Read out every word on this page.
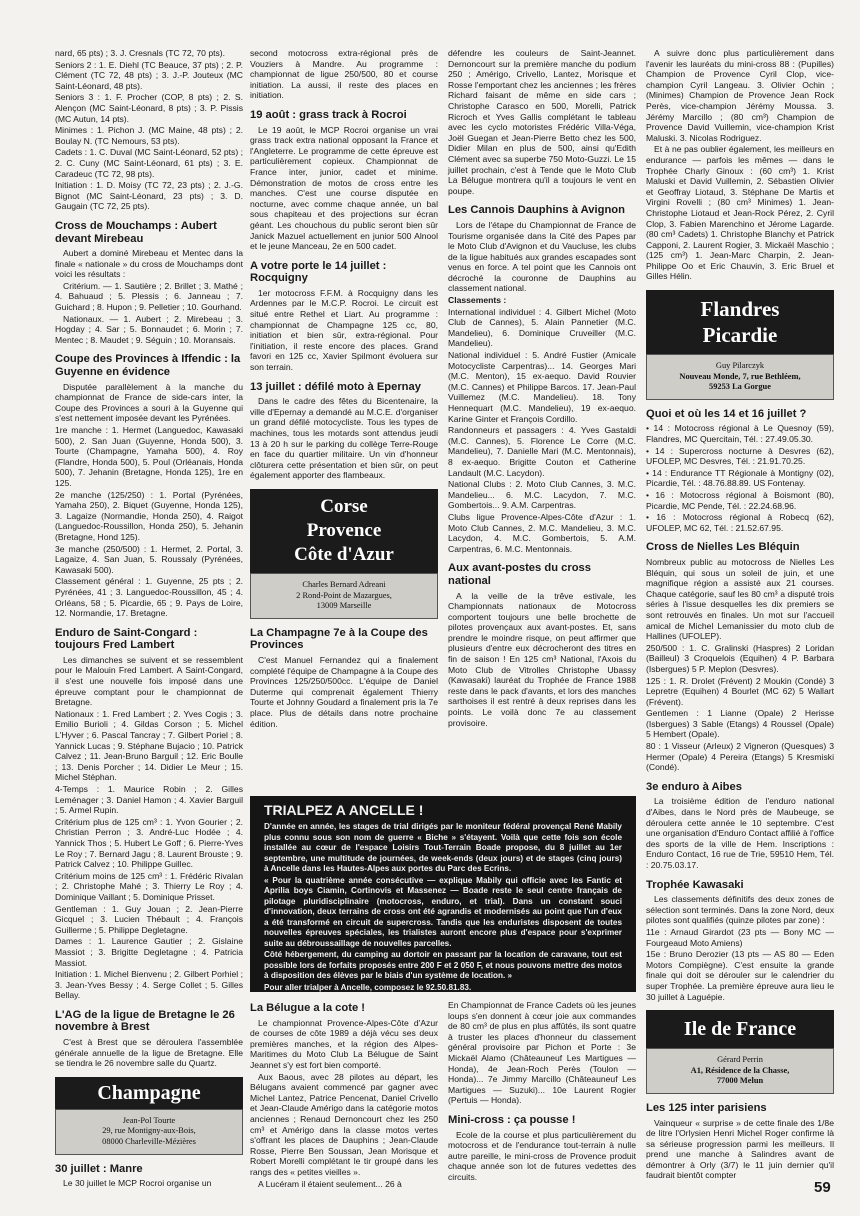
nard, 65 pts) ; 3. J. Cresnals (TC 72, 70 pts).

Seniors 2 : 1. E. Diehl (TC Beauce, 37 pts) ; 2. P. Clément (TC 72, 48 pts) ; 3. J.-P. Jouteux (MC Saint-Léonard, 48 pts).

Seniors 3 : 1. F. Procher (COP, 8 pts) ; 2. S. Alençon (MC Saint-Léonard, 8 pts) ; 3. P. Pissis (MC Autun, 14 pts).

Minimes : 1. Pichon J. (MC Maine, 48 pts) ; 2. Boulay N. (TC Nemours, 53 pts).

Cadets : 1. C. Duval (MC Saint-Léonard, 52 pts) ; 2. C. Cuny (MC Saint-Léonard, 61 pts) ; 3. E. Caradeuc (TC 72, 98 pts).

Initiation : 1. D. Moisy (TC 72, 23 pts) ; 2. J.-G. Bignot (MC Saint-Léonard, 23 pts) ; 3. D. Gaugain (TC 72, 25 pts).

Cross de Mouchamps : Aubert devant Mirebeau

Aubert a dominé Mirebeau et Mentec dans la finale « nationale » du cross de Mouchamps dont voici les résultats :

Critérium. — 1. Sautière ; 2. Brillet ; 3. Mathé ; 4. Bahuaud ; 5. Plessis ; 6. Janneau ; 7. Guichard ; 8. Hupon ; 9. Pelletier ; 10. Gourhand.

Nationaux. — 1. Aubert ; 2. Mirebeau ; 3. Hogday ; 4. Sar ; 5. Bonnaudet ; 6. Morin ; 7. Mentec ; 8. Maudet ; 9. Séguin ; 10. Moransais.

Coupe des Provinces à Iffendic : la Guyenne en évidence

Disputée parallèlement à la manche du championnat de France de side-cars inter, la Coupe des Provinces a souri à la Guyenne qui s'est nettement imposée devant les Pyrénées.

1re manche : 1. Hermet (Languedoc, Kawasaki 500), 2. San Juan (Guyenne, Honda 500), 3. Tourte (Champagne, Yamaha 500), 4. Roy (Flandre, Honda 500), 5. Poul (Orléanais, Honda 500), 7. Jehanin (Bretagne, Honda 125), 1re en 125.

2e manche (125/250) : 1. Portal (Pyrénées, Yamaha 250), 2. Biquet (Guyenne, Honda 125), 3. Lagaize (Normandie, Honda 250), 4. Raigot (Languedoc-Roussillon, Honda 250), 5. Jehanin (Bretagne, Hond 125).

3e manche (250/500) : 1. Hermet, 2. Portal, 3. Lagaize, 4. San Juan, 5. Roussaly (Pyrénées, Kawasaki 500).

Classement général : 1. Guyenne, 25 pts ; 2. Pyrénées, 41 ; 3. Languedoc-Roussillon, 45 ; 4. Orléans, 58 ; 5. Picardie, 65 ; 9. Pays de Loire, 12. Normandie, 17. Bretagne.

Enduro de Saint-Congard : toujours Fred Lambert

Les dimanches se suivent et se ressemblent pour le Malouin Fred Lambert. A Saint-Congard, il s'est une nouvelle fois imposé dans une épreuve comptant pour le championnat de Bretagne.

Nationaux : 1. Fred Lambert ; 2. Yves Cogis ; 3. Emilio Burioli ; 4. Gildas Corson ; 5. Michel L'Hyver ; 6. Pascal Tancray ; 7. Gilbert Poriel ; 8. Yannick Lucas ; 9. Stéphane Bujacio ; 10. Patrick Calvez ; 11. Jean-Bruno Barguil ; 12. Eric Boulle ; 13. Denis Porcher ; 14. Didier Le Meur ; 15. Michel Stéphan.

4-Temps : 1. Maurice Robin ; 2. Gilles Leménager ; 3. Daniel Hamon ; 4. Xavier Barguil ; 5. Armel Rupin.

Critérium plus de 125 cm³ : 1. Yvon Gourier ; 2. Christian Perron ; 3. André-Luc Hodée ; 4. Yannick Thos ; 5. Hubert Le Goff ; 6. Pierre-Yves Le Roy ; 7. Bernard Jagu ; 8. Laurent Brouste ; 9. Patrick Calvez ; 10. Philippe Guillec.

Critérium moins de 125 cm³ : 1. Frédéric Rivalan ; 2. Christophe Mahé ; 3. Thierry Le Roy ; 4. Dominique Vaillant ; 5. Dominique Prisset.

Gentleman : 1. Guy Jouan ; 2. Jean-Pierre Gicquel ; 3. Lucien Thébault ; 4. François Guillerme ; 5. Philippe Degletagne.

Dames : 1. Laurence Gautier ; 2. Gislaine Massiot ; 3. Brigitte Degletagne ; 4. Patricia Massiot.

Initiation : 1. Michel Bienvenu ; 2. Gilbert Porhiel ; 3. Jean-Yves Bessy ; 4. Serge Collet ; 5. Gilles Bellay.

L'AG de la ligue de Bretagne le 26 novembre à Brest

C'est à Brest que se déroulera l'assemblée générale annuelle de la ligue de Bretagne. Elle se tiendra le 26 novembre salle du Quartz.

Champagne
Jean-Pol Tourte
29, rue Montigny-aux-Bois,
08000 Charleville-Mézières
30 juillet : Manre

Le 30 juillet le MCP Rocroi organise un

second motocross extra-régional près de Vouziers à Mandre. Au programme : championnat de ligue 250/500, 80 et course initiation. La aussi, il reste des places en initiation.

19 août : grass track à Rocroi

Le 19 août, le MCP Rocroi organise un vrai grass track extra national opposant la France et l'Angleterre. Le programme de cette épreuve est particulièrement copieux. Championnat de France inter, junior, cadet et minime. Démonstration de motos de cross entre les manches. C'est une course disputée en nocturne, avec comme chaque année, un bal sous chapiteau et des projections sur écran géant. Les chouchous du public seront bien sûr Janick Mazuel actuellement en junior 500 Alnool et le jeune Manceau, 2e en 500 cadet.

A votre porte le 14 juillet : Rocquigny

1er motocross F.F.M. à Rocquigny dans les Ardennes par le M.C.P. Rocroi. Le circuit est situé entre Rethel et Liart. Au programme : championnat de Champagne 125 cc, 80, initiation et bien sûr, extra-régional. Pour l'initiation, il reste encore des places. Grand favori en 125 cc, Xavier Spilmont évoluera sur son terrain.

13 juillet : défilé moto à Epernay

Dans le cadre des fêtes du Bicentenaire, la ville d'Epernay a demandé au M.C.E. d'organiser un grand défilé motocycliste. Tous les types de machines, tous les motards sont attendus jeudi 13 à 20 h sur le parking du collège Terre-Rouge en face du quartier militaire. Un vin d'honneur clôturera cette présentation et bien sûr, on peut également apporter des flambeaux.

Corse
Provence
Côte d'Azur
Charles Bernard Adreani
2 Rond-Point de Mazargues,
13009 Marseille
La Champagne 7e à la Coupe des Provinces

C'est Manuel Fernandez qui a finalement complété l'équipe de Champagne à la Coupe des Provinces 125/250/500cc. L'équipe de Daniel Duterme qui comprenait également Thierry Tourte et Johnny Goudard a finalement pris la 7e place. Plus de détails dans notre prochaine édition.

défendre les couleurs de Saint-Jeannet. Dernoncourt sur la première manche du podium 250 ; Amérigo, Crivello, Lantez, Morisque et Rosse l'emportant chez les anciennes ; les frères Richard faisant de même en side cars ; Christophe Carasco en 500, Morelli, Patrick Ricroch et Yves Gallis complétant le tableau avec les cyclo motoristes Frédéric Villa-Véga, Joël Guegan et Jean-Pierre Betto chez les 500, Didier Milan en plus de 500, ainsi qu'Edith Clément avec sa superbe 750 Moto-Guzzi. Le 15 juillet prochain, c'est à Tende que le Moto Club La Bélugue montrera qu'il a toujours le vent en poupe.

Les Cannois Dauphins à Avignon

Lors de l'étape du Championnat de France de Tourisme organisée dans la Cité des Papes par le Moto Club d'Avignon et du Vaucluse, les clubs de la ligue habitués aux grandes escapades sont venus en force. A tel point que les Cannois ont décroché la couronne de Dauphins au classement national.

Classements :

International individuel : 4. Gilbert Michel (Moto Club de Cannes), 5. Alain Pannetier (M.C. Mandelieu), 6. Dominique Cruveiller (M.C. Mandelieu).

National individuel : 5. André Fustier (Amicale Motocycliste Carpentras)... 14. Georges Mari (M.C. Menton), 15 ex-aequo. David Rouvier (M.C. Cannes) et Philippe Barcos. 17. Jean-Paul Vuillemez (M.C. Mandelieu). 18. Tony Hennequart (M.C. Mandelieu), 19 ex-aequo. Karine Ginter et François Cordillo.

Randonneurs et passagers : 4. Yves Gastaldi (M.C. Cannes), 5. Florence Le Corre (M.C. Mandelieu), 7. Danielle Mari (M.C. Mentonnais), 8 ex-aequo. Brigitte Couton et Catherine Landault (M.C. Lacydon).

National Clubs : 2. Moto Club Cannes, 3. M.C. Mandelieu... 6. M.C. Lacydon, 7. M.C. Gombertois... 9. A.M. Carpentras.

Clubs ligue Provence-Alpes-Côte d'Azur : 1. Moto Club Cannes, 2. M.C. Mandelieu, 3. M.C. Lacydon, 4. M.C. Gombertois, 5. A.M. Carpentras, 6. M.C. Mentonnais.

Aux avant-postes du cross national

A la veille de la trêve estivale, les Championnats nationaux de Motocross comportent toujours une belle brochette de pilotes provençaux aux avant-postes. Et, sans prendre le moindre risque, on peut affirmer que plusieurs d'entre eux décrocheront des titres en fin de saison ! En 125 cm³ National, l'Axois du Moto Club de Vitrolles Christophe Ubassy (Kawasaki) lauréat du Trophée de France 1988 reste dans le pack d'avants, et lors des manches sarthoises il est rentré à deux reprises dans les points. Le voilà donc 7e au classement provisoire.

A suivre donc plus particulièrement dans l'avenir les lauréats du mini-cross 88 : (Pupilles) Champion de Provence Cyril Clop, vice-champion Cyril Langeau. 3. Olivier Ochin ; (Minimes) Champion de Provence Jean Rock Perès, vice-champion Jérémy Moussa. 3. Jérémy Marcillo ; (80 cm³) Champion de Provence David Vuillemin, vice-champion Krist Maluski. 3. Nicolas Rodriguez.

Et à ne pas oublier également, les meilleurs en endurance — parfois les mêmes — dans le Trophée Charly Ginoux : (60 cm³) 1. Krist Maluski et David Vuillemin, 2. Sébastien Olivier et Geoffray Liotaud, 3. Stéphane De Martis et Virgini Rovelli ; (80 cm³ Minimes) 1. Jean-Christophe Liotaud et Jean-Rock Pérez, 2. Cyril Clop, 3. Fabien Marenchino et Jérome Lagarde. (80 cm³ Cadets) 1. Christophe Blanchy et Patrick Capponi, 2. Laurent Rogier, 3. Mickaël Maschio ; (125 cm³) 1. Jean-Marc Charpin, 2. Jean-Philippe Oo et Eric Chauvin, 3. Eric Bruel et Gilles Hélin.

Flandres
Picardie
Guy Pilarczyk
Nouveau Monde, 7, rue Bethléem,
59253 La Gorgue
Quoi et où les 14 et 16 juillet ?

• 14 : Motocross régional à Le Quesnoy (59), Flandres, MC Quercitain, Tél. : 27.49.05.30.

• 14 : Supercross nocturne à Desvres (62), UFOLEP, MC Desvres, Tél. : 21.91.70.25.

• 14 : Endurance TT Régionale à Montigny (02), Picardie, Tél. : 48.76.88.89. US Fontenay.

• 16 : Motocross régional à Boismont (80), Picardie, MC Pende, Tél. : 22.24.68.96.

• 16 : Motocross régional à Robecq (62), UFOLEP, MC 62, Tél. : 21.52.67.95.

Cross de Nielles Les Bléquin

Nombreux public au motocross de Nielles Les Bléquin, qui sous un soleil de juin, et une magnifique région a assisté aux 21 courses. Chaque catégorie, sauf les 80 cm³ a disputé trois séries à l'issue desquelles les dix premiers se sont retrouvés en finales. Un mot sur l'accueil amical de Michel Lemanissier du moto club de Hallines (UFOLEP).

250/500 : 1. C. Gralinski (Haspres) 2 Loridan (Bailleul) 3 Croquelois (Equihen) 4 P. Barbara (Isbergues) 5 P. Meplon (Desvres).

125 : 1. R. Drolet (Frévent) 2 Moukin (Condé) 3 Lepretre (Equihen) 4 Bourlet (MC 62) 5 Wallart (Frévent).

Gentlemen : 1 Lianne (Opale) 2 Herisse (Isbergues) 3 Sable (Etangs) 4 Roussel (Opale) 5 Hembert (Opale).

80 : 1 Visseur (Arleux) 2 Vigneron (Quesques) 3 Hermer (Opale) 4 Pereira (Etangs) 5 Kresmiski (Condé).

3e enduro à Aibes

La troisième édition de l'enduro national d'Aibes, dans le Nord près de Maubeuge, se déroulera cette année le 10 septembre. C'est une organisation d'Enduro Contact affilié à l'office des sports de la ville de Hem. Inscriptions : Enduro Contact, 16 rue de Trie, 59510 Hem, Tél. : 20.75.03.17.

Trophée Kawasaki

Les classements définitifs des deux zones de sélection sont terminés. Dans la zone Nord, deux pilotes sont qualifiés (quinze pilotes par zone) :

11e : Arnaud Girardot (23 pts — Bony MC — Fourgeaud Moto Amiens)

15e : Bruno Derozier (13 pts — AS 80 — Eden Motors Compiègne). C'est ensuite la grande finale qui doit se dérouler sur le calendrier du super Trophée. La première épreuve aura lieu le 30 juillet à Laguépie.

Ile de France
Gérard Perrin
A1, Résidence de la Chasse,
77000 Melun
Les 125 inter parisiens

Vainqueur « surprise » de cette finale des 1/8e de litre l'Orlysien Henri Michel Roger confirme là sa sérieuse progression parmi les meilleurs. Il prend une manche à Salindres avant de démontrer à Orly (3/7) le 11 juin dernier qu'il faudrait bientôt compter

TRIALPEZ A ANCELLE !

D'année en année, les stages de trial dirigés par le moniteur fédéral provençal René Mabily plus connu sous son nom de guerre « Biche » s'étayent. Voilà que cette fois son école installée au cœur de l'espace Loisirs Tout-Terrain Boade propose, du 8 juillet au 1er septembre, une multitude de journées, de week-ends (deux jours) et de stages (cinq jours) à Ancelle dans les Hautes-Alpes aux portes du Parc des Ecrins.

« Pour la quatrième année consécutive — explique Mabily qui officie avec les Fantic et Aprilia boys Ciamin, Cortinovis et Massenez — Boade reste le seul centre français de pilotage pluridisciplinaire (motocross, enduro, et trial). Dans un constant souci d'innovation, deux terrains de cross ont été agrandis et modernisés au point que l'un d'eux a été transformé en circuit de supercross. Tandis que les enduristes disposent de toutes nouvelles épreuves spéciales, les trialistes auront encore plus d'espace pour s'exprimer suite au débroussaillage de nouvelles parcelles.

Côté hébergement, du camping au dortoir en passant par la location de caravane, tout est possible lors de forfaits proposés entre 200 F et 2 050 F, et nous pouvons mettre des motos à disposition des élèves par le biais d'un système de location. »

Pour aller trialper à Ancelle, composez le 92.50.81.83.

La Bélugue a la cote !

Le championnat Provence-Alpes-Côte d'Azur de courses de côte 1989 a déjà vécu ses deux premières manches, et la région des Alpes-Maritimes du Moto Club La Bélugue de Saint Jeannet s'y est fort bien comporté.

Aux Baous, avec 28 pilotes au départ, les Bélugans avaient commencé par gagner avec Michel Lantez, Patrice Pencenat, Daniel Crivello et Jean-Claude Amérigo dans la catégorie motos anciennes ; Renaud Dernoncourt chez les 250 cm³ et Amérigo dans la classe motos vertes s'offrant les places de Dauphins ; Jean-Claude Rosse, Pierre Ben Soussan, Jean Morisque et Robert Morelli complétant le tir groupé dans les rangs des « petites vieilles ».

A Lucéram il étaient seulement... 26 à

En Championnat de France Cadets où les jeunes loups s'en donnent à cœur joie aux commandes de 80 cm³ de plus en plus affûtés, ils sont quatre à truster les places d'honneur du classement général provisoire par Pichon et Porte : 3e Mickaël Alamo (Châteauneuf Les Martigues — Honda), 4e Jean-Roch Perès (Toulon — Honda)... 7e Jimmy Marcillo (Châteauneuf Les Martigues — Suzuki)... 10e Laurent Rogier (Pertuis — Honda).

Mini-cross : ça pousse !

Ecole de la course et plus particulièrement du motocross et de l'endurance tout-terrain à nulle autre pareille, le mini-cross de Provence produit chaque année son lot de futures vedettes des circuits.

59
